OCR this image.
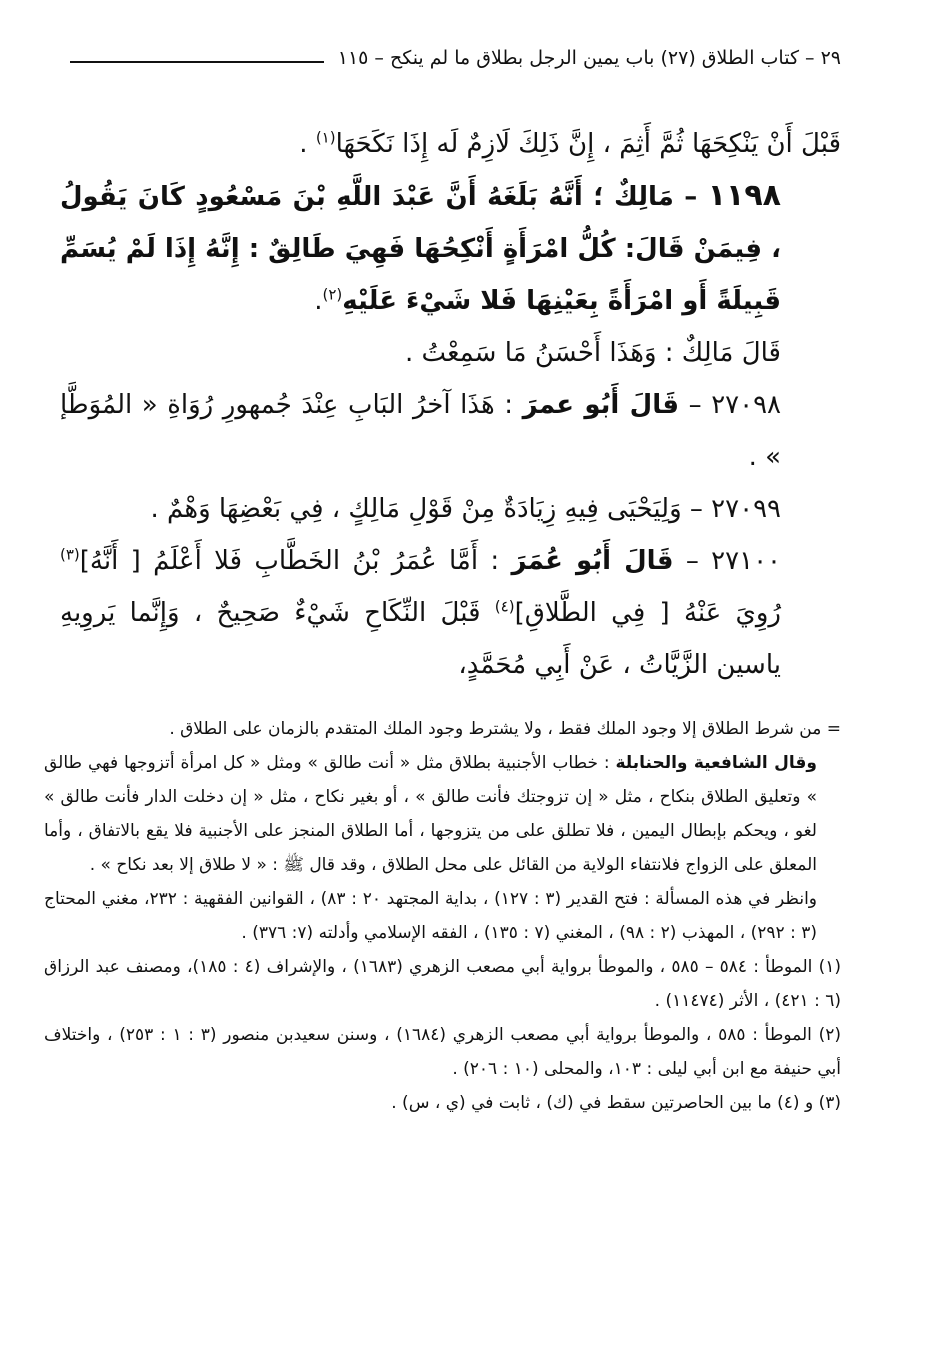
٢٩ – كتاب الطلاق (٢٧) باب يمين الرجل بطلاق ما لم ينكح – ١١٥

قَبْلَ أَنْ يَنْكِحَهَا ثُمَّ أَثِمَ ، إِنَّ ذَلِكَ لَازِمٌ لَه إِذَا نَكَحَهَا$^{(١)}$ .

١١٩٨ – مَالِكٌ ؛ أَنَّهُ بَلَغَهُ أَنَّ عَبْدَ اللَّهِ بْنَ مَسْعُودٍ كَانَ يَقُولُ ، فِيمَنْ قَالَ: كُلُّ امْرَأَةٍ أَنْكِحُهَا فَهِيَ طَالِقٌ : إِنَّهُ إِذَا لَمْ يُسَمِّ قَبِيلَةً أَو امْرَأَةً بِعَيْنِهَا فَلا شَيْءَ عَلَيْهِ$^{(٢)}$.

قَالَ مَالِكٌ : وَهَذَا أَحْسَنُ مَا سَمِعْتُ .

٢٧٠٩٨ – قَالَ أَبُو عمرَ : هَذَا آخرُ البَابِ عِنْدَ جُمهورِ رُوَاةِ « المُوَطَّإ » .

٢٧٠٩٩ – وَلِيَحْيَى فِيهِ زِيَادَةٌ مِنْ قَوْلِ مَالِكٍ ، فِي بَعْضِهَا وَهْمٌ .

٢٧١٠٠ – قَالَ أَبُو عُمَرَ : أَمَّا عُمَرُ بْنُ الخَطَّابِ فَلا أَعْلَمُ [ أَنَّهُ]$^{(٣)}$ رُوِيَ عَنْهُ [ فِي الطَّلاقِ]$^{(٤)}$ قَبْلَ النِّكَاحِ شَيْءٌ صَحِيحٌ ، وَإِنَّما يَروِيهِ ياسين الزَّيَّاتُ ، عَنْ أَبِي مُحَمَّدٍ،

= من شرط الطلاق إلا وجود الملك فقط ، ولا يشترط وجود الملك المتقدم بالزمان على الطلاق .

وقال الشافعية والحنابلة : خطاب الأجنبية بطلاق مثل « أنت طالق » ومثل « كل امرأة أتزوجها فهي طالق » وتعليق الطلاق بنكاح ، مثل « إن تزوجتك فأنت طالق » ، أو بغير نكاح ، مثل « إن دخلت الدار فأنت طالق » لغو ، ويحكم بإبطال اليمين ، فلا تطلق على من يتزوجها ، أما الطلاق المنجز على الأجنبية فلا يقع بالاتفاق ، وأما المعلق على الزواج فلانتفاء الولاية من القائل على محل الطلاق ، وقد قال ﷺ : « لا طلاق إلا بعد نكاح » .

وانظر في هذه المسألة : فتح القدير (٣ : ١٢٧) ، بداية المجتهد ٢٠ : ٨٣) ، القوانين الفقهية : ٢٣٢، مغني المحتاج (٣ : ٢٩٢) ، المهذب (٢ : ٩٨) ، المغني (٧ : ١٣٥) ، الفقه الإسلامي وأدلته (٧: ٣٧٦) .

(١) الموطأ : ٥٨٤ – ٥٨٥ ، والموطأ برواية أبي مصعب الزهري (١٦٨٣) ، والإشراف (٤ : ١٨٥)، ومصنف عبد الرزاق (٦ : ٤٢١) ، الأثر (١١٤٧٤) .

(٢) الموطأ : ٥٨٥ ، والموطأ برواية أبي مصعب الزهري (١٦٨٤) ، وسنن سعيدبن منصور (٣ : ١ : ٢٥٣) ، واختلاف أبي حنيفة مع ابن أبي ليلى : ١٠٣، والمحلى (١٠ : ٢٠٦) .

(٣) و (٤) ما بين الحاصرتين سقط في (ك) ، ثابت في (ي ، س) .
